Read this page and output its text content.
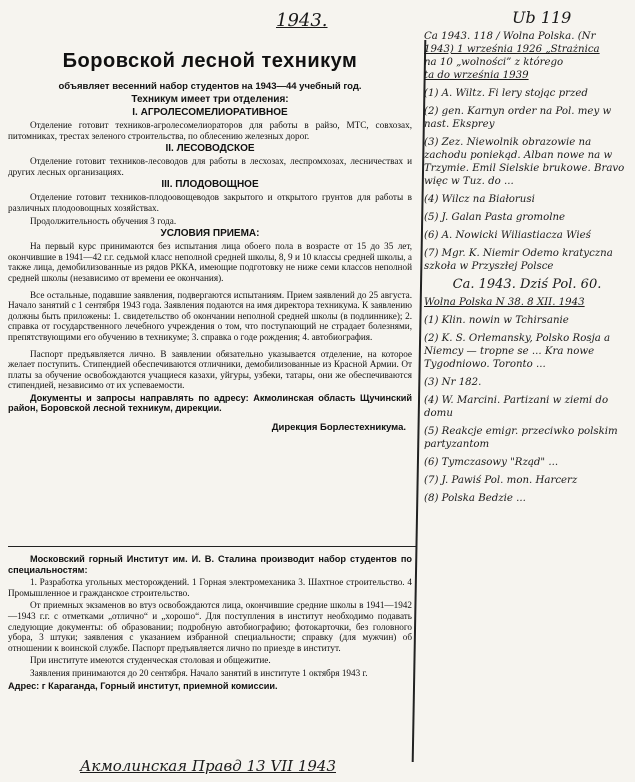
1943.	Ub 119
Боровской лесной техникум
объявляет весенний набор студентов на 1943—44 учебный год.
Техникум имеет три отделения:
I. АГРОЛЕСОМЕЛИОРАТИВНОЕ

Отделение готовит техников-агролесомелиораторов для работы в райзо, МТС, совхозах, питомниках, трестах зеленого строительства, по облесению железных дорог.

II. ЛЕСОВОДСКОЕ

Отделение готовит техников-лесоводов для работы в лесхозах, леспромхозах, лесничествах и других лесных организациях.

III. ПЛОДОВОЩНОЕ

Отделение готовит техников-плодоовощеводов закрытого и открытого грунтов для работы в различных плодоовощных хозяйствах.

Продолжительность обучения 3 года.

УСЛОВИЯ ПРИЕМА:

На первый курс принимаются без испытания лица обоего пола в возрасте от 15 до 35 лет, окончившие в 1941—42 г.г. седьмой класс неполной средней школы, 8, 9 и 10 классы средней школы, а также лица, демобилизованные из рядов РККА, имеющие подготовку не ниже семи классов неполной средней школы (независимо от времени ее окончания).

Все остальные, подавшие заявления, подвергаются испытаниям. Прием заявлений до 25 августа. Начало занятий с 1 сентября 1943 года. Заявления подаются на имя директора техникума. К заявлению должны быть приложены: 1. свидетельство об окончании неполной средней школы (в подлиннике); 2. справка от государственного лечебного учреждения о том, что поступающий не страдает болезнями, препятствующими его обучению в техникуме; 3. справка о годе рождения; 4. автобиография.

Паспорт предъявляется лично. В заявлении обязательно указывается отделение, на которое желает поступить. Стипендией обеспечиваются отличники, демобилизованные из Красной Армии. От платы за обучение освобождаются учащиеся казахи, уйгуры, узбеки, татары, они же обеспечиваются стипендией, независимо от их успеваемости.

Документы и запросы направлять по адресу: Акмолинская область Щучинский район, Боровской лесной техникум, дирекции.

Дирекция Борлестехникума.

Московский горный Институт им. И. В. Сталина производит набор студентов по специальностям:

1. Разработка угольных месторождений. 1 Горная электромеханика 3. Шахтное строительство. 4 Промышленное и гражданское строительство.

От приемных экзаменов во втуз освобождаются лица, окончившие средние школы в 1941—1942—1943 г.г. с отметками „отлично“ и „хорошо“. Для поступления в институт необходимо подавать следующие документы: об образовании; подробную автобиографию; фотокарточки, без головного убора, 3 штуки; заявления с указанием избранной специальности; справку (для мужчин) об отношении к воинской службе. Паспорт предъявляется лично по приезде в институт.

При институте имеются студенческая столовая и общежитие.

Заявления принимаются до 20 сентября. Начало занятий в институте 1 октября 1943 г.

Адрес: г Караганда, Горный институт, приемной комиссии.

Акмолинская Правд 13 VII 1943
Ca 1943. 118 / Wolna Polska. (Nr
1943) 1 września 1926 „Strażnica
na 10 „wolności” z którego
ta do września 1939
(1) A. Wiltz. Fi lery stojąc przed
(2) gen. Karnyn order na Pol. mey w nast. Eksprey
(3) Zez. Niewolnik obrazowie na zachodu poniekąd. Alban nowe na w Trzymie. Emil Sielskie brukowe. Bravo więc w Tuz. do ...
(4) Wilcz na Białorusi
(5) J. Galan Pasta gromolne
(6) A. Nowicki Wiliastiacza Wieś
(7) Mgr. K. Niemir Odemo kratyczna szkoła w Przyszłej Polsce
Ca. 1943. Dziś Pol. 60.
Wolna Polska N 38. 8 XII. 1943
(1) Klin. nowin w Tchirsanie
(2) K. S. Orlemansky, Polsko Rosja a Niemcy — tropne se ... Kra nowe Tygodniowo. Toronto ...
(3) Nr 182.
(4) W. Marcini. Partizani w ziemi do domu
(5) Reakcje emigr. przeciwko polskim partyzantom
(6) Tymczasowy "Rząd" ...
(7) J. Pawiś Pol. mon. Harcerz
(8) Polska Bedzie ...
